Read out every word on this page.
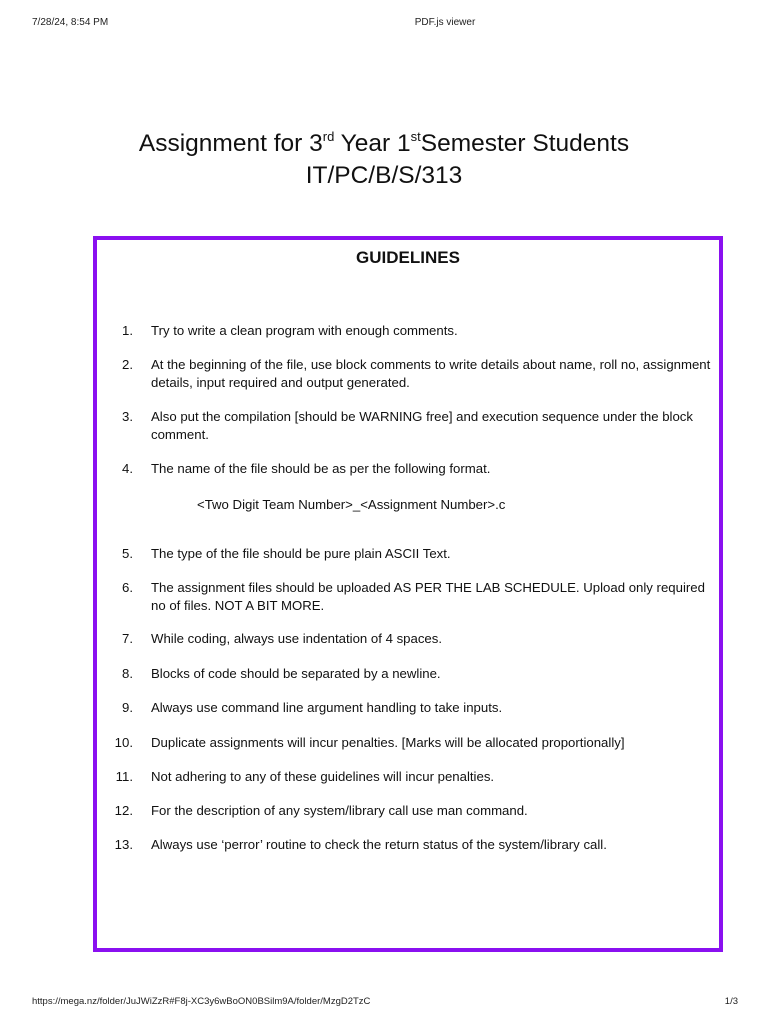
7/28/24, 8:54 PM	PDF.js viewer
Assignment for 3rd Year 1stSemester Students
IT/PC/B/S/313
GUIDELINES
1. Try to write a clean program with enough comments.
2. At the beginning of the file, use block comments to write details about name, roll no, assignment details, input required and output generated.
3. Also put the compilation [should be WARNING free] and execution sequence under the block comment.
4. The name of the file should be as per the following format.
<Two Digit Team Number>_<Assignment Number>.c
5. The type of the file should be pure plain ASCII Text.
6. The assignment files should be uploaded AS PER THE LAB SCHEDULE. Upload only required no of files. NOT A BIT MORE.
7. While coding, always use indentation of 4 spaces.
8. Blocks of code should be separated by a newline.
9. Always use command line argument handling to take inputs.
10. Duplicate assignments will incur penalties. [Marks will be allocated proportionally]
11. Not adhering to any of these guidelines will incur penalties.
12. For the description of any system/library call use man command.
13. Always use ‘perror’ routine to check the return status of the system/library call.
https://mega.nz/folder/JuJWiZzR#F8j-XC3y6wBoON0BSilm9A/folder/MzgD2TzC	1/3
